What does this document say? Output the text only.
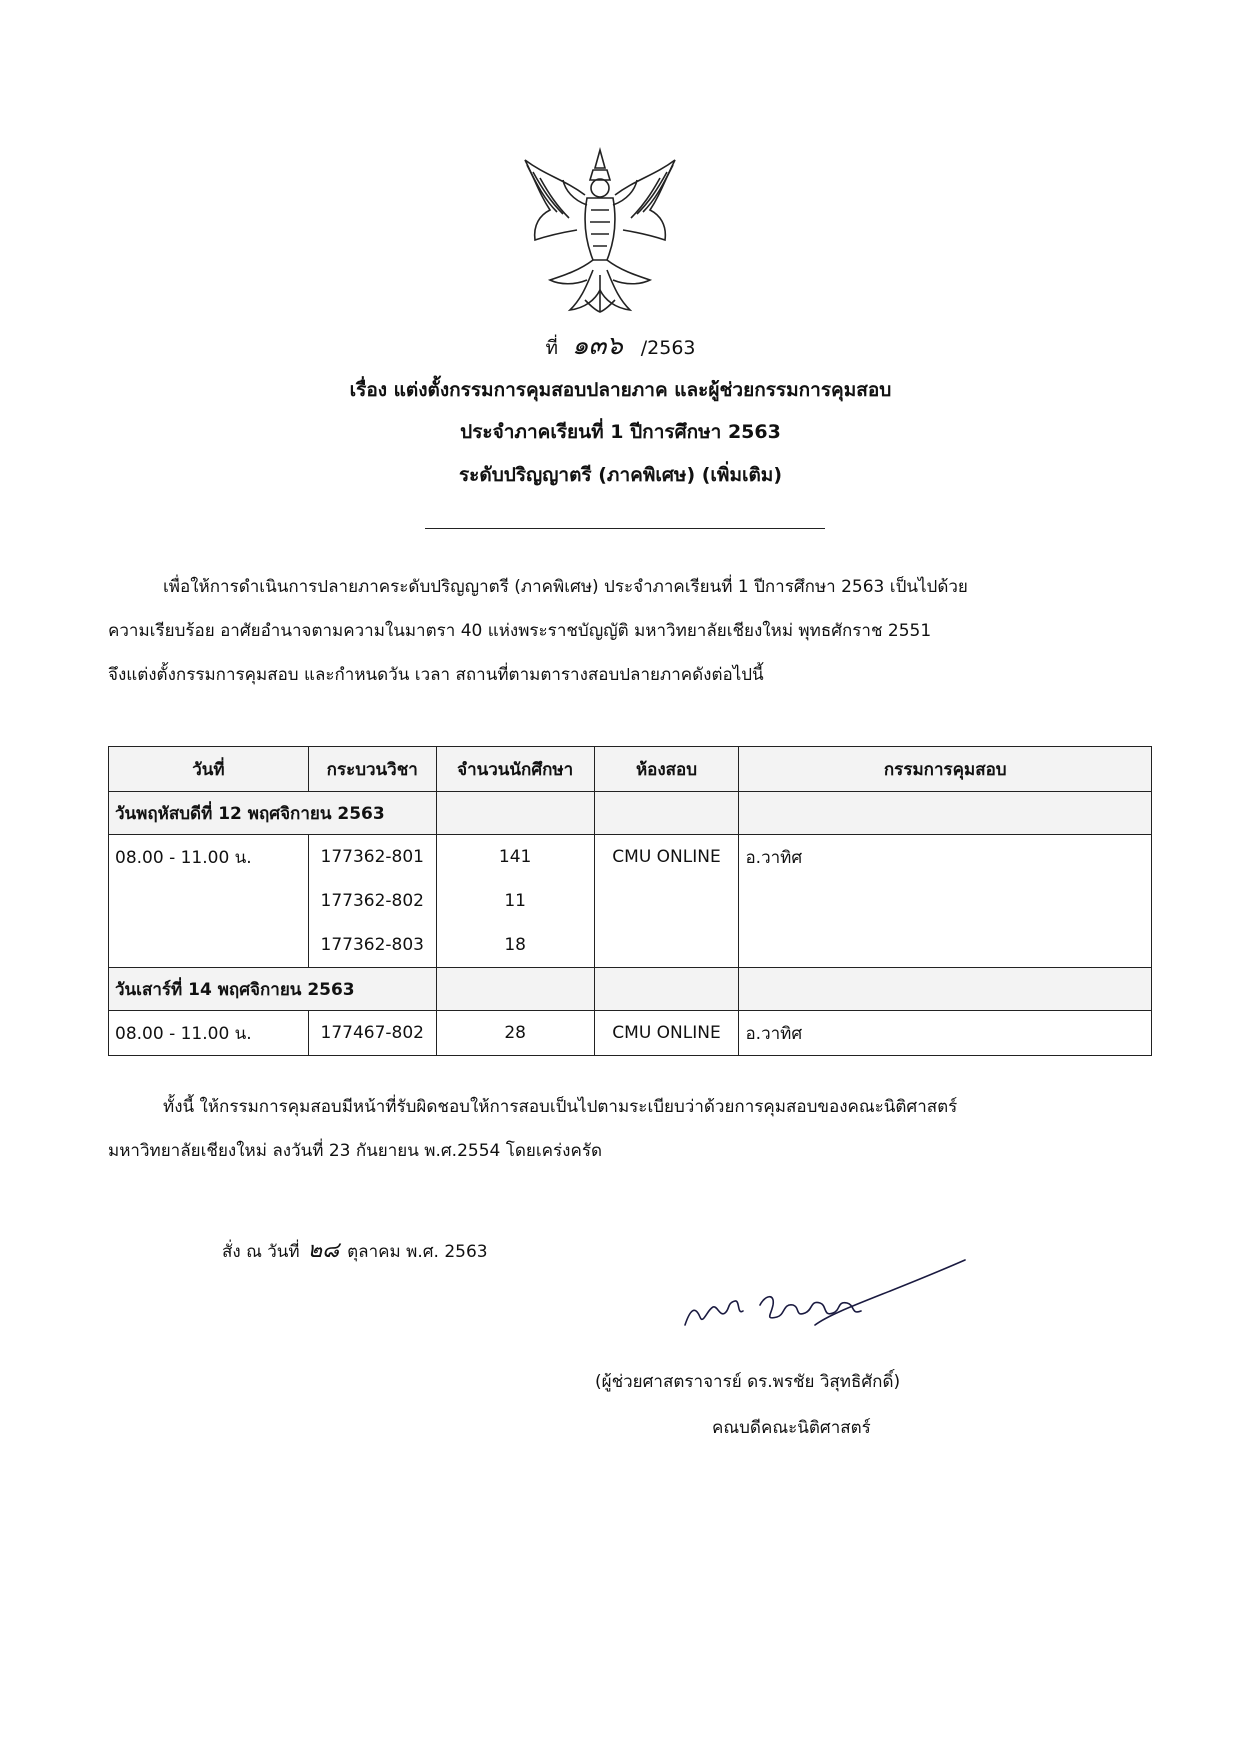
ที่ ๑๓๖ /2563
เรื่อง แต่งตั้งกรรมการคุมสอบปลายภาค และผู้ช่วยกรรมการคุมสอบ
ประจำภาคเรียนที่ 1 ปีการศึกษา 2563
ระดับปริญญาตรี (ภาคพิเศษ) (เพิ่มเติม)
เพื่อให้การดำเนินการปลายภาคระดับปริญญาตรี (ภาคพิเศษ) ประจำภาคเรียนที่ 1 ปีการศึกษา 2563 เป็นไปด้วย
ความเรียบร้อย อาศัยอำนาจตามความในมาตรา 40 แห่งพระราชบัญญัติ มหาวิทยาลัยเชียงใหม่ พุทธศักราช 2551
จึงแต่งตั้งกรรมการคุมสอบ และกำหนดวัน เวลา สถานที่ตามตารางสอบปลายภาคดังต่อไปนี้
วันที่	กระบวนวิชา	จำนวนนักศึกษา	ห้องสอบ	กรรมการคุมสอบ
วันพฤหัสบดีที่ 12 พฤศจิกายน 2563				
08.00 - 11.00 น.	177362-801	141	CMU ONLINE	อ.วาทิศ
	177362-802	11		
	177362-803	18		
วันเสาร์ที่ 14 พฤศจิกายน 2563				
08.00 - 11.00 น.	177467-802	28	CMU ONLINE	อ.วาทิศ
ทั้งนี้ ให้กรรมการคุมสอบมีหน้าที่รับผิดชอบให้การสอบเป็นไปตามระเบียบว่าด้วยการคุมสอบของคณะนิติศาสตร์
มหาวิทยาลัยเชียงใหม่ ลงวันที่ 23 กันยายน พ.ศ.2554 โดยเคร่งครัด
สั่ง ณ วันที่ ๒๘ ตุลาคม พ.ศ. 2563
(ผู้ช่วยศาสตราจารย์ ดร.พรชัย วิสุทธิศักดิ์)
คณบดีคณะนิติศาสตร์
